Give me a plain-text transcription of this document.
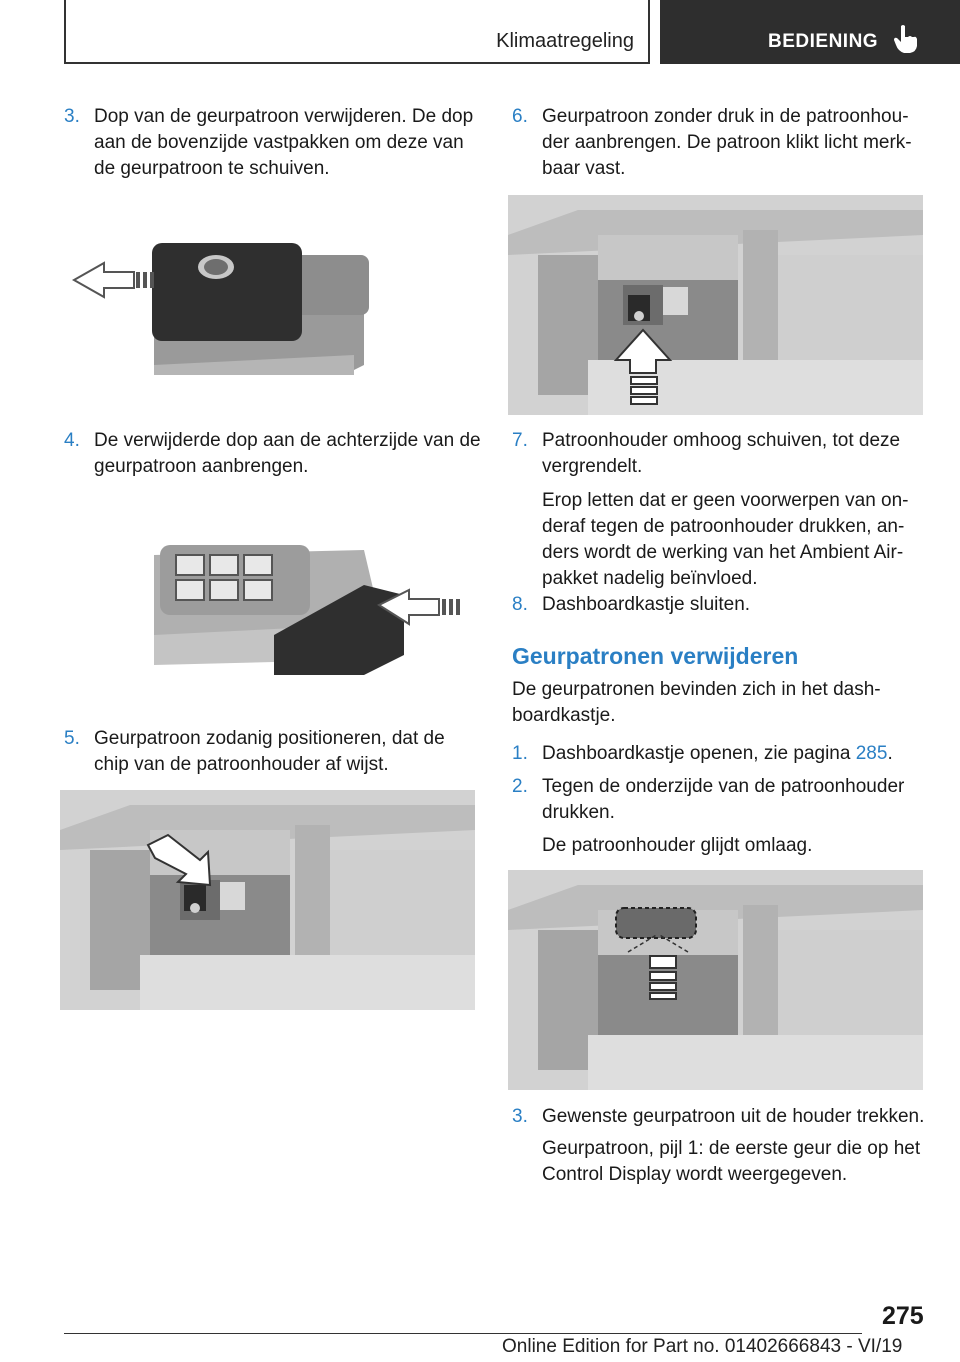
Klimaatregeling	BEDIENING
3. Dop van de geurpatroon verwijderen. De dop
aan de bovenzijde vastpakken om deze van
de geurpatroon te schuiven.
4. De verwijderde dop aan de achterzijde van de
geurpatroon aanbrengen.
5. Geurpatroon zodanig positioneren, dat de
chip van de patroonhouder af wijst.
6. Geurpatroon zonder druk in de patroonhou-
der aanbrengen. De patroon klikt licht merk-
baar vast.
7. Patroonhouder omhoog schuiven, tot deze
vergrendelt.
Erop letten dat er geen voorwerpen van on-
deraf tegen de patroonhouder drukken, an-
ders wordt de werking van het Ambient Air-
pakket nadelig beïnvloed.
8. Dashboardkastje sluiten.
Geurpatronen verwijderen
De geurpatronen bevinden zich in het dash-
boardkastje.
1. Dashboardkastje openen, zie pagina 285.
2. Tegen de onderzijde van de patroonhouder
drukken.
De patroonhouder glijdt omlaag.
3. Gewenste geurpatroon uit de houder trekken.
Geurpatroon, pijl 1: de eerste geur die op het
Control Display wordt weergegeven.
275
Online Edition for Part no. 01402666843 - VI/19
